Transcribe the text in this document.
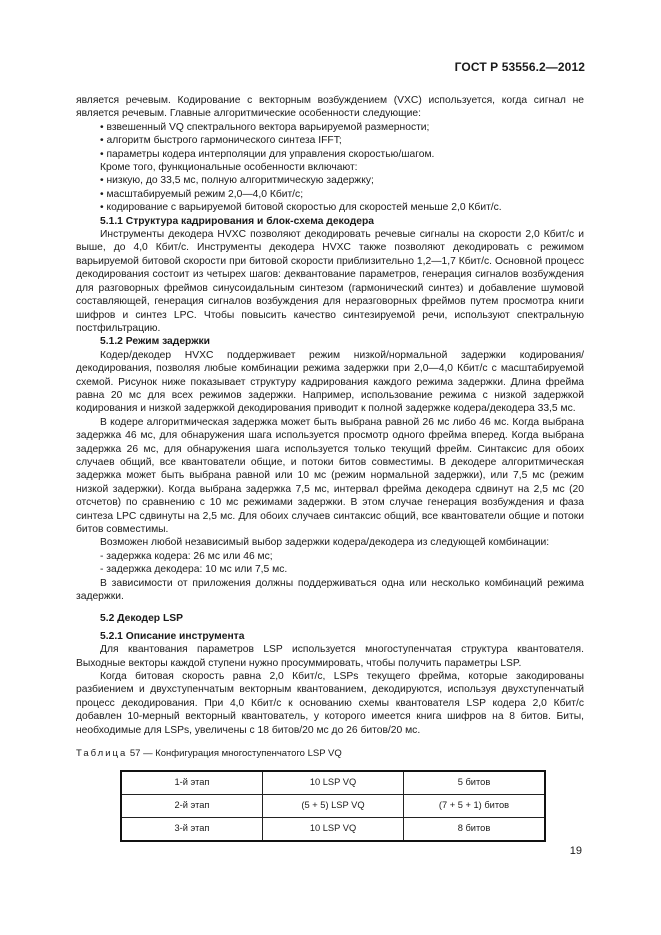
ГОСТ Р 53556.2—2012

является речевым. Кодирование с векторным возбуждением (VXC) используется, когда сигнал не является речевым. Главные алгоритмические особенности следующие:

• взвешенный VQ спектрального вектора варьируемой размерности;

• алгоритм быстрого гармонического синтеза IFFT;

• параметры кодера интерполяции для управления скоростью/шагом.

Кроме того, функциональные особенности включают:

• низкую, до 33,5 мс, полную алгоритмическую задержку;

• масштабируемый режим 2,0—4,0 Кбит/с;

• кодирование с варьируемой битовой скоростью для скоростей меньше 2,0 Кбит/с.

5.1.1 Структура кадрирования и блок-схема декодера

Инструменты декодера HVXC позволяют декодировать речевые сигналы на скорости 2,0 Кбит/с и выше, до 4,0 Кбит/с. Инструменты декодера HVXC также позволяют декодировать с режимом варьируемой битовой скорости при битовой скорости приблизительно 1,2—1,7 Кбит/с. Основной процесс декодирования состоит из четырех шагов: деквантование параметров, генерация сигналов возбуждения для разговорных фреймов синусоидальным синтезом (гармонический синтез) и добавление шумовой составляющей, генерация сигналов возбуждения для неразговорных фреймов путем просмотра книги шифров и синтез LPC. Чтобы повысить качество синтезируемой речи, используют спектральную постфильтрацию.

5.1.2 Режим задержки

Кодер/декодер HVXC поддерживает режим низкой/нормальной задержки кодирования/декодирования, позволяя любые комбинации режима задержки при 2,0—4,0 Кбит/с с масштабируемой схемой. Рисунок ниже показывает структуру кадрирования каждого режима задержки. Длина фрейма равна 20 мс для всех режимов задержки. Например, использование режима с низкой задержкой кодирования и низкой задержкой декодирования приводит к полной задержке кодера/декодера 33,5 мс.

В кодере алгоритмическая задержка может быть выбрана равной 26 мс либо 46 мс. Когда выбрана задержка 46 мс, для обнаружения шага используется просмотр одного фрейма вперед. Когда выбрана задержка 26 мс, для обнаружения шага используется только текущий фрейм. Синтаксис для обоих случаев общий, все квантователи общие, и потоки битов совместимы. В декодере алгоритмическая задержка может быть выбрана равной или 10 мс (режим нормальной задержки), или 7,5 мс (режим низкой задержки). Когда выбрана задержка 7,5 мс, интервал фрейма декодера сдвинут на 2,5 мс (20 отсчетов) по сравнению с 10 мс режимами задержки. В этом случае генерация возбуждения и фаза синтеза LPC сдвинуты на 2,5 мс. Для обоих случаев синтаксис общий, все квантователи общие и потоки битов совместимы.

Возможен любой независимый выбор задержки кодера/декодера из следующей комбинации:

- задержка кодера: 26 мс или 46 мс;

- задержка декодера: 10 мс или 7,5 мс.

В зависимости от приложения должны поддерживаться одна или несколько комбинаций режима задержки.

5.2 Декодер LSP

5.2.1 Описание инструмента

Для квантования параметров LSP используется многоступенчатая структура квантователя. Выходные векторы каждой ступени нужно просуммировать, чтобы получить параметры LSP.

Когда битовая скорость равна 2,0 Кбит/с, LSPs текущего фрейма, которые закодированы разбиением и двухступенчатым векторным квантованием, декодируются, используя двухступенчатый процесс декодирования. При 4,0 Кбит/с к основанию схемы квантователя LSP кодера 2,0 Кбит/с добавлен 10-мерный векторный квантователь, у которого имеется книга шифров на 8 битов. Биты, необходимые для LSPs, увеличены с 18 битов/20 мс до 26 битов/20 мс.

Таблица 57 — Конфигурация многоступенчатого LSP VQ

1-й этап	10 LSP VQ	5 битов
2-й этап	(5 + 5) LSP VQ	(7 + 5 + 1) битов
3-й этап	10 LSP VQ	8 битов
19
